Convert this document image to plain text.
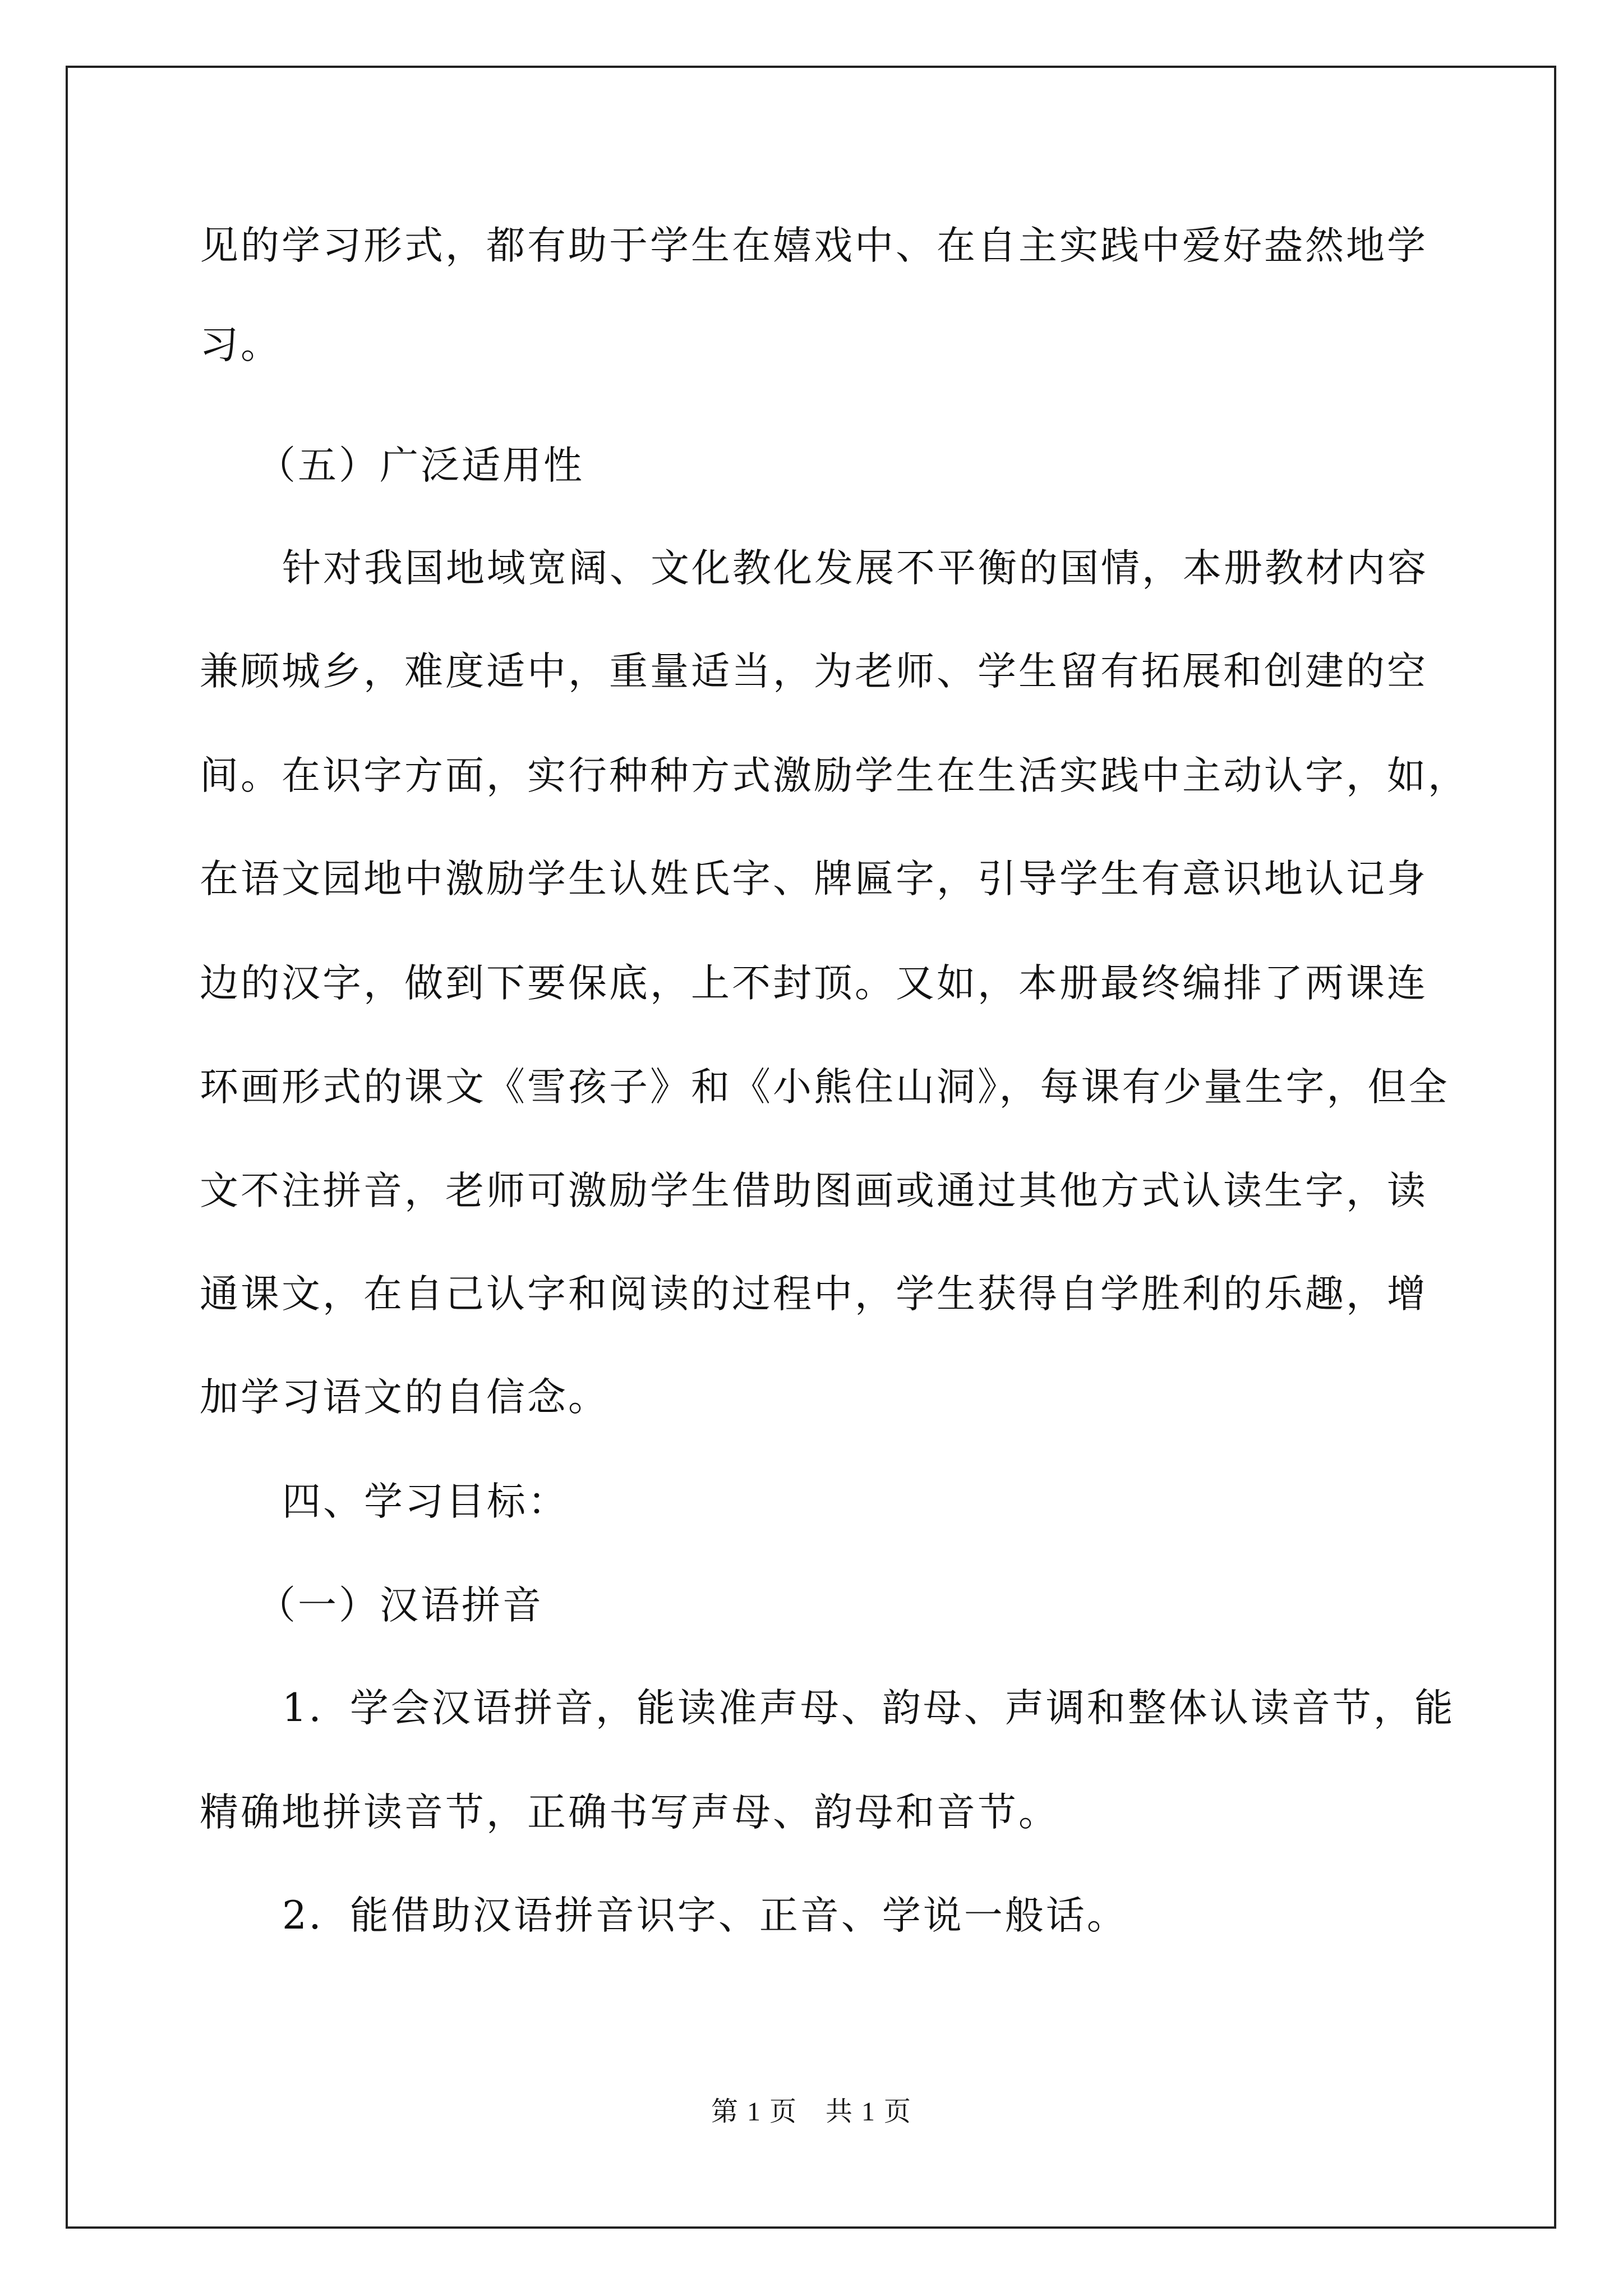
见的学习形式，都有助于学生在嬉戏中、在自主实践中爱好盎然地学
习。
（五）广泛适用性
针对我国地域宽阔、文化教化发展不平衡的国情，本册教材内容
兼顾城乡，难度适中，重量适当，为老师、学生留有拓展和创建的空
间。在识字方面，实行种种方式激励学生在生活实践中主动认字，如，
在语文园地中激励学生认姓氏字、牌匾字，引导学生有意识地认记身
边的汉字，做到下要保底，上不封顶。又如，本册最终编排了两课连
环画形式的课文《雪孩子》和《小熊住山洞》，每课有少量生字，但全
文不注拼音，老师可激励学生借助图画或通过其他方式认读生字，读
通课文，在自己认字和阅读的过程中，学生获得自学胜利的乐趣，增
加学习语文的自信念。
四、学习目标：
（一）汉语拼音
1．学会汉语拼音，能读准声母、韵母、声调和整体认读音节，能
精确地拼读音节，正确书写声母、韵母和音节。
2．能借助汉语拼音识字、正音、学说一般话。
第 1 页　共 1 页
